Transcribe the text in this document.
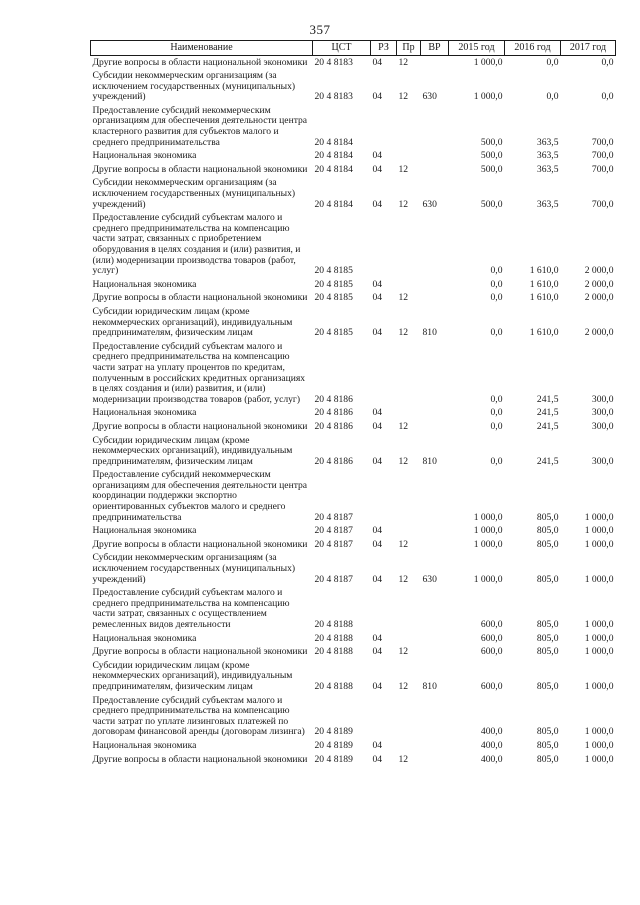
357
Наименование	ЦСТ	РЗ	Пр	ВР	2015 год	2016 год	2017 год
Другие вопросы в области национальной экономики	20 4 8183	04	12		1 000,0	0,0	0,0
Субсидии некоммерческим организациям (за исключением государственных (муниципальных) учреждений)	20 4 8183	04	12	630	1 000,0	0,0	0,0
Предоставление субсидий некоммерческим организациям для обеспечения деятельности центра кластерного развития для субъектов малого и среднего предпринимательства	20 4 8184				500,0	363,5	700,0
Национальная экономика	20 4 8184	04			500,0	363,5	700,0
Другие вопросы в области национальной экономики	20 4 8184	04	12		500,0	363,5	700,0
Субсидии некоммерческим организациям (за исключением государственных (муниципальных) учреждений)	20 4 8184	04	12	630	500,0	363,5	700,0
Предоставление субсидий субъектам малого и среднего предпринимательства на компенсацию части затрат, связанных с приобретением оборудования в целях создания и (или) развития, и (или) модернизации производства товаров (работ, услуг)	20 4 8185				0,0	1 610,0	2 000,0
Национальная экономика	20 4 8185	04			0,0	1 610,0	2 000,0
Другие вопросы в области национальной экономики	20 4 8185	04	12		0,0	1 610,0	2 000,0
Субсидии юридическим лицам (кроме некоммерческих организаций), индивидуальным предпринимателям, физическим лицам	20 4 8185	04	12	810	0,0	1 610,0	2 000,0
Предоставление субсидий субъектам малого и среднего предпринимательства на компенсацию части затрат на уплату процентов по кредитам, полученным в российских кредитных организациях в целях создания и (или) развития, и (или) модернизации производства товаров (работ, услуг)	20 4 8186				0,0	241,5	300,0
Национальная экономика	20 4 8186	04			0,0	241,5	300,0
Другие вопросы в области национальной экономики	20 4 8186	04	12		0,0	241,5	300,0
Субсидии юридическим лицам (кроме некоммерческих организаций), индивидуальным предпринимателям, физическим лицам	20 4 8186	04	12	810	0,0	241,5	300,0
Предоставление субсидий некоммерческим организациям для обеспечения деятельности центра координации поддержки экспортно ориентированных субъектов малого и среднего предпринимательства	20 4 8187				1 000,0	805,0	1 000,0
Национальная экономика	20 4 8187	04			1 000,0	805,0	1 000,0
Другие вопросы в области национальной экономики	20 4 8187	04	12		1 000,0	805,0	1 000,0
Субсидии некоммерческим организациям (за исключением государственных (муниципальных) учреждений)	20 4 8187	04	12	630	1 000,0	805,0	1 000,0
Предоставление субсидий субъектам малого и среднего предпринимательства на компенсацию части затрат, связанных с осуществлением ремесленных видов деятельности	20 4 8188				600,0	805,0	1 000,0
Национальная экономика	20 4 8188	04			600,0	805,0	1 000,0
Другие вопросы в области национальной экономики	20 4 8188	04	12		600,0	805,0	1 000,0
Субсидии юридическим лицам (кроме некоммерческих организаций), индивидуальным предпринимателям, физическим лицам	20 4 8188	04	12	810	600,0	805,0	1 000,0
Предоставление субсидий субъектам малого и среднего предпринимательства на компенсацию части затрат по уплате лизинговых платежей по договорам финансовой аренды (договорам лизинга)	20 4 8189				400,0	805,0	1 000,0
Национальная экономика	20 4 8189	04			400,0	805,0	1 000,0
Другие вопросы в области национальной экономики	20 4 8189	04	12		400,0	805,0	1 000,0
